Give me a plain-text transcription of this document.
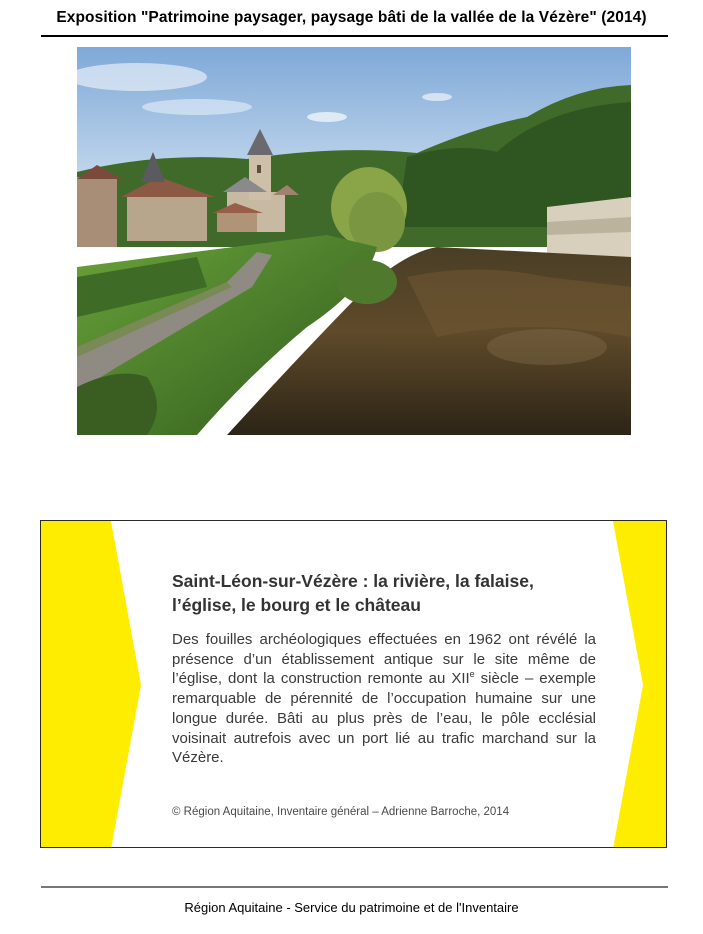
Exposition "Patrimoine paysager, paysage bâti de la vallée de la Vézère" (2014)
Saint-Léon-sur-Vézère : la rivière, la falaise,
l’église, le bourg et le château

Des fouilles archéologiques effectuées en 1962 ont révélé la présence d’un établissement antique sur le site même de l’église, dont la construction remonte au XIIe siècle – exemple remarquable de pérennité de l’occupation humaine sur une longue durée. Bâti au plus près de l’eau, le pôle ecclésial voisinait autrefois avec un port lié au trafic marchand sur la Vézère.

© Région Aquitaine, Inventaire général – Adrienne Barroche, 2014
Région Aquitaine - Service du patrimoine et de l'Inventaire
